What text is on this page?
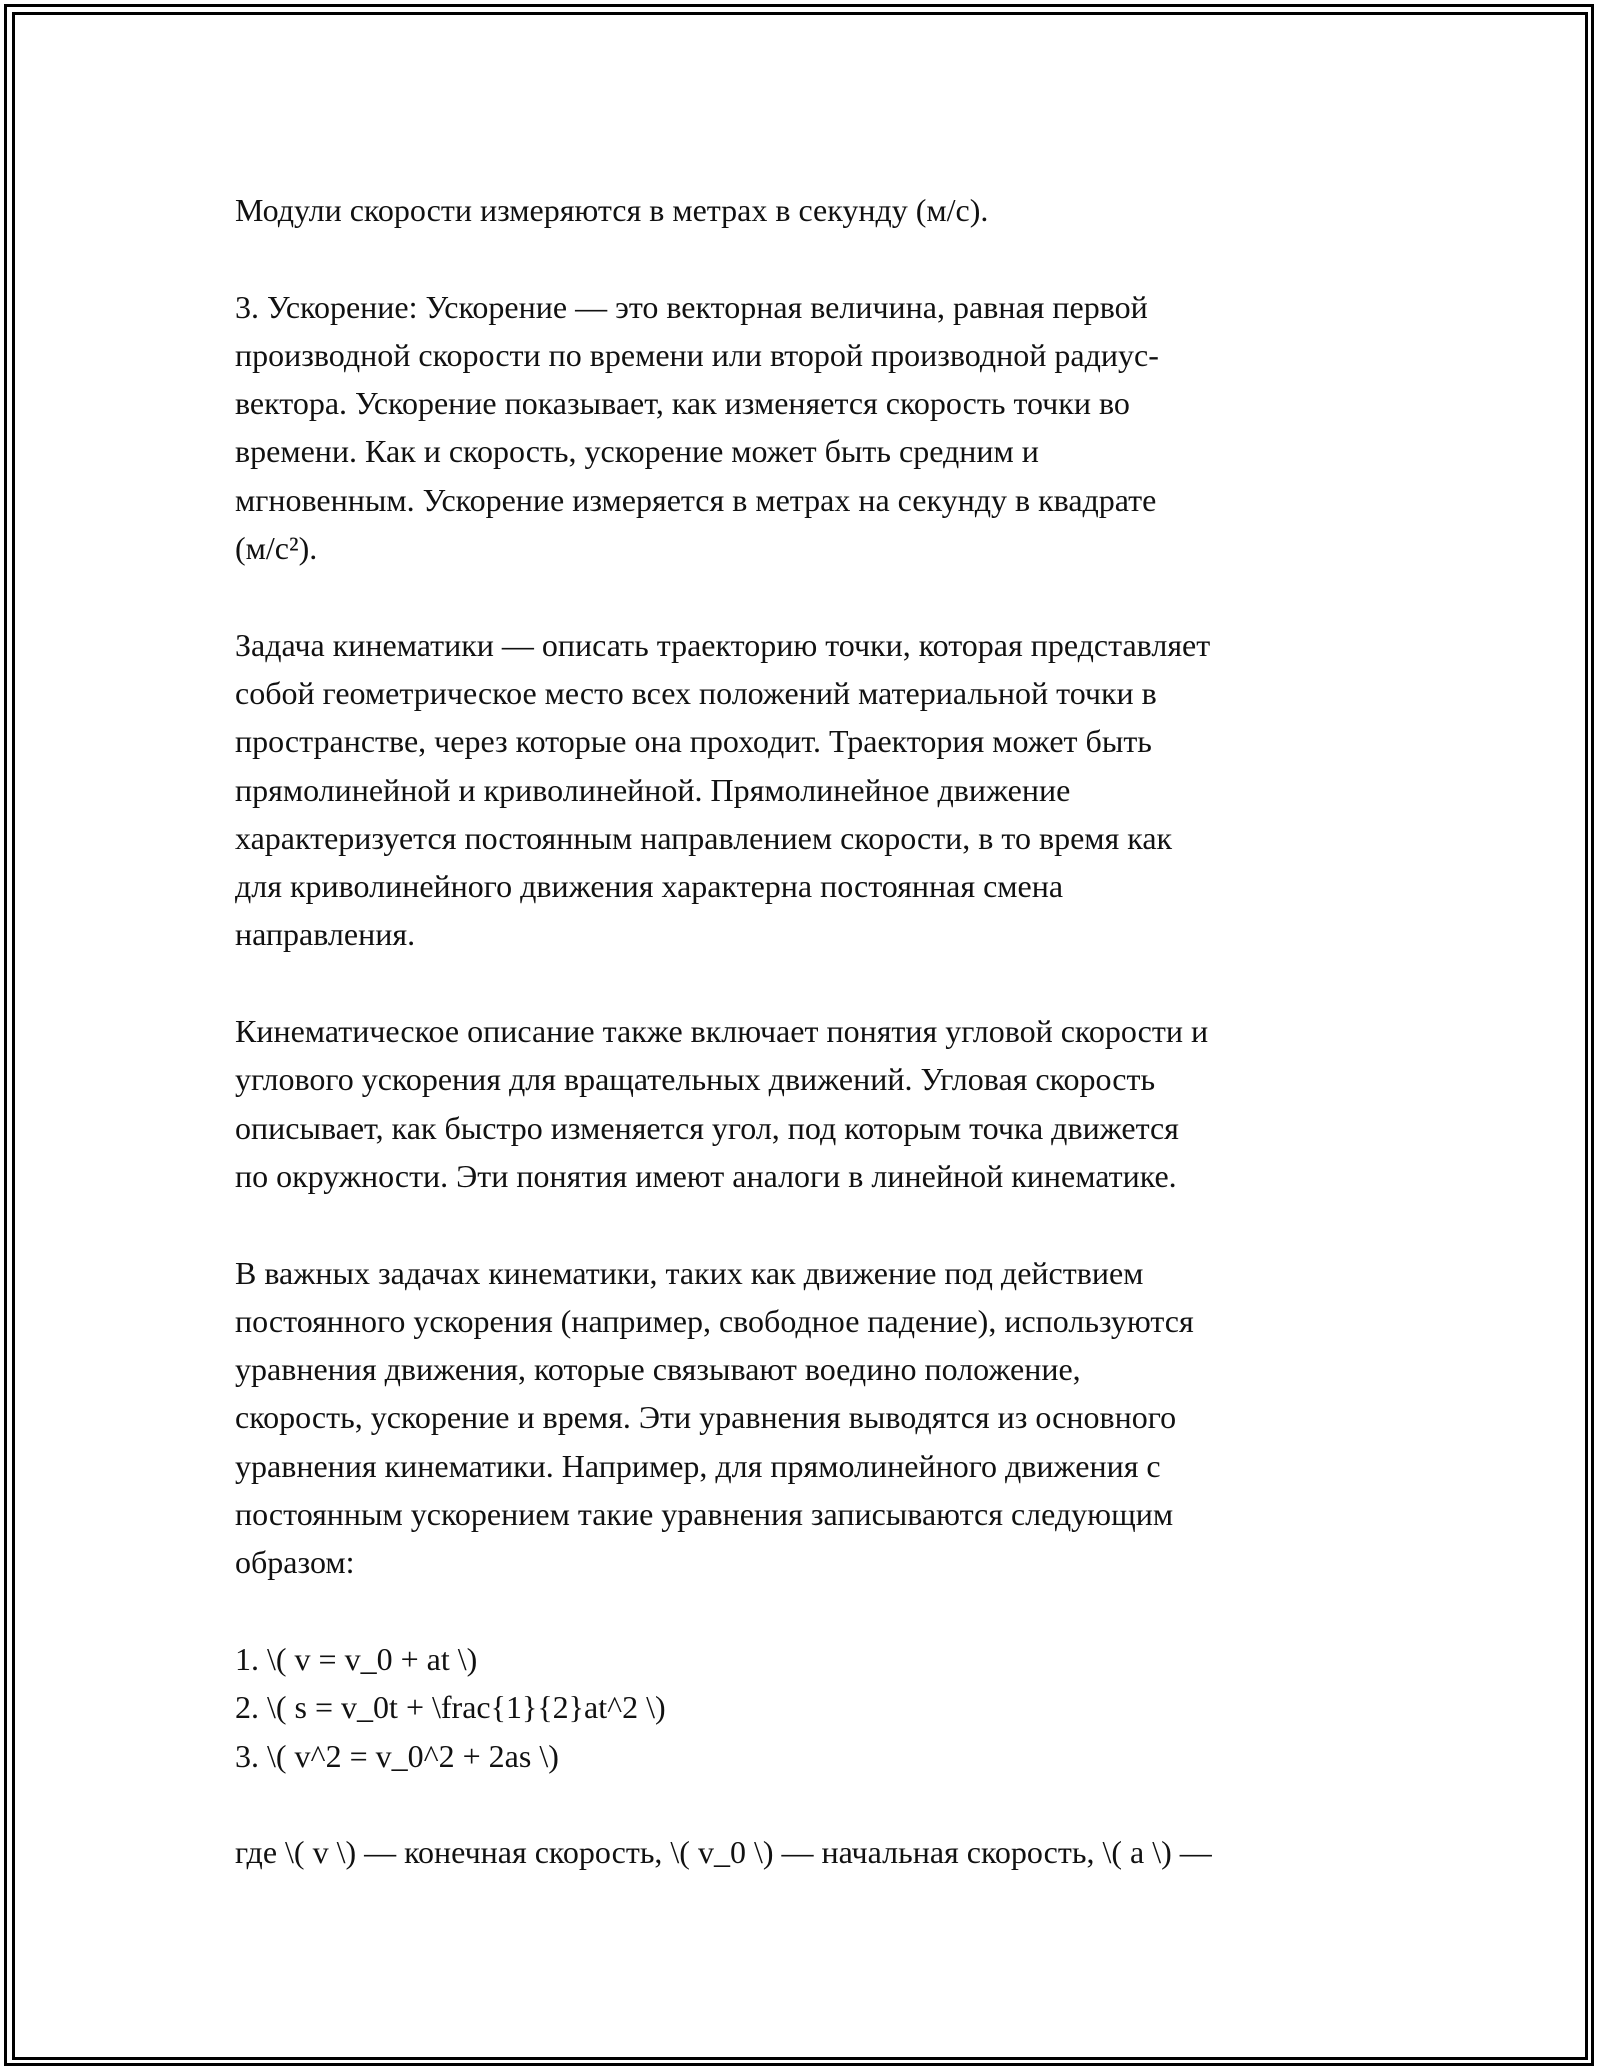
Модули скорости измеряются в метрах в секунду (м/с).

3. Ускорение: Ускорение — это векторная величина, равная первой
производной скорости по времени или второй производной радиус-
вектора. Ускорение показывает, как изменяется скорость точки во
времени. Как и скорость, ускорение может быть средним и
мгновенным. Ускорение измеряется в метрах на секунду в квадрате
(м/с²).

Задача кинематики — описать траекторию точки, которая представляет
собой геометрическое место всех положений материальной точки в
пространстве, через которые она проходит. Траектория может быть
прямолинейной и криволинейной. Прямолинейное движение
характеризуется постоянным направлением скорости, в то время как
для криволинейного движения характерна постоянная смена
направления.

Кинематическое описание также включает понятия угловой скорости и
углового ускорения для вращательных движений. Угловая скорость
описывает, как быстро изменяется угол, под которым точка движется
по окружности. Эти понятия имеют аналоги в линейной кинематике.

В важных задачах кинематики, таких как движение под действием
постоянного ускорения (например, свободное падение), используются
уравнения движения, которые связывают воедино положение,
скорость, ускорение и время. Эти уравнения выводятся из основного
уравнения кинематики. Например, для прямолинейного движения с
постоянным ускорением такие уравнения записываются следующим
образом:

1. \( v = v_0 + at \)
2. \( s = v_0t + \frac{1}{2}at^2 \)
3. \( v^2 = v_0^2 + 2as \)

где \( v \) — конечная скорость, \( v_0 \) — начальная скорость, \( a \) —
